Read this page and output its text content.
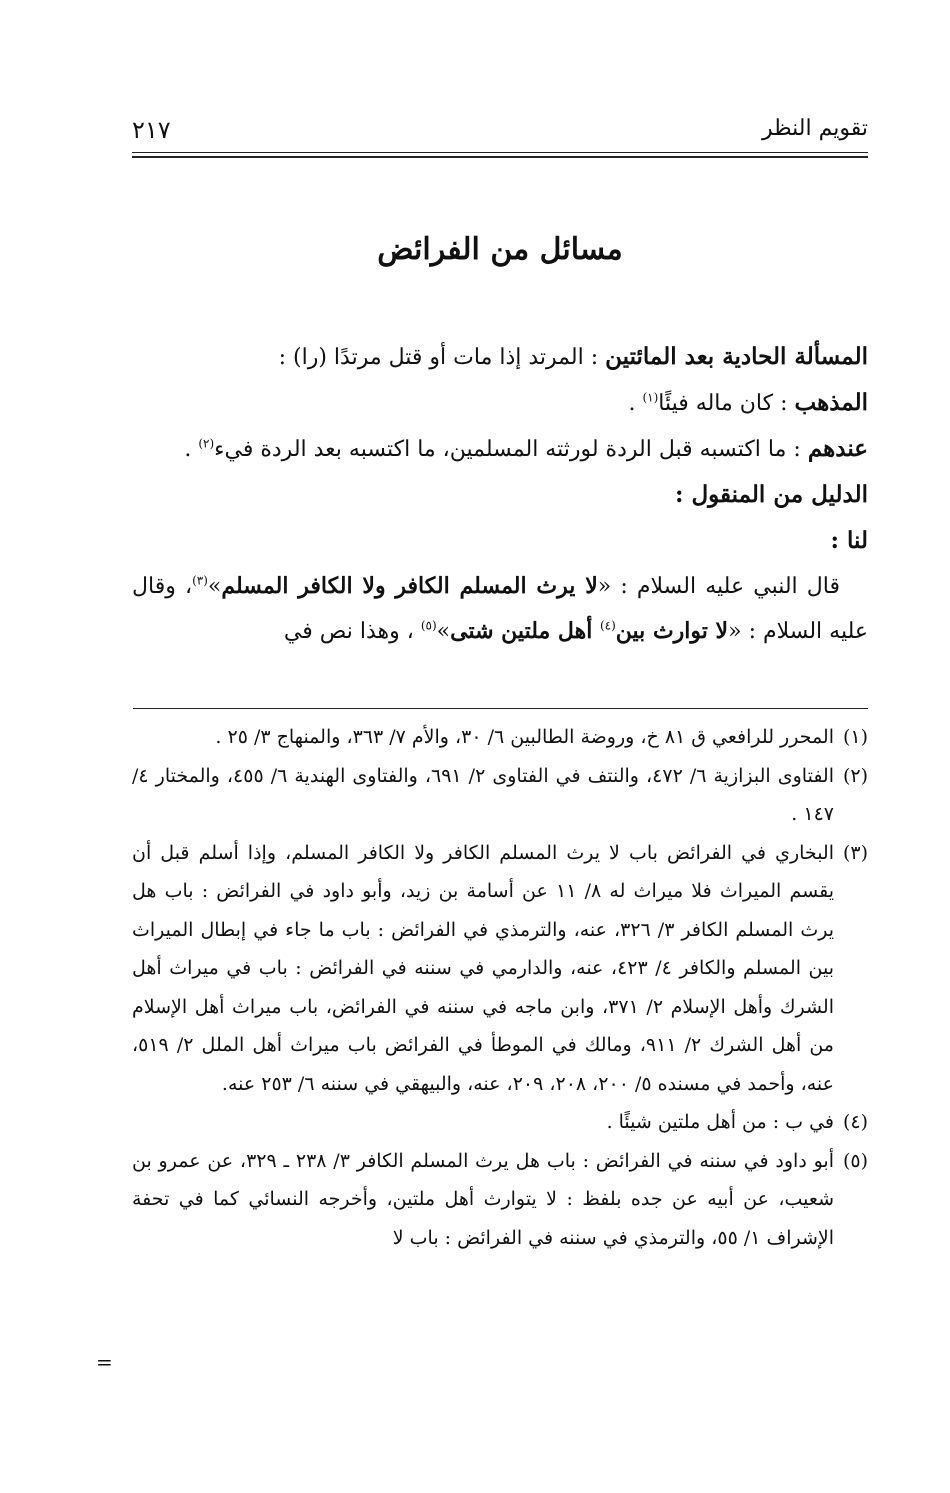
تقويم النظر
٢١٧
مسائل من الفرائض

المسألة الحادية بعد المائتين : المرتد إذا مات أو قتل مرتدًا (را) :

المذهب : كان ماله فيئًا$^{(١)}$ .

عندهم : ما اكتسبه قبل الردة لورثته المسلمين، ما اكتسبه بعد الردة فيء$^{(٢)}$ .

الدليل من المنقول :

لنا :

قال النبي عليه السلام : «لا يرث المسلم الكافر ولا الكافر المسلم»$^{(٣)}$، وقال عليه السلام : «لا توارث بين$^{(٤)}$ أهل ملتين شتى»$^{(٥)}$ ، وهذا نص في

(١)
المحرر للرافعي ق ٨١ خ، وروضة الطالبين ٦/ ٣٠، والأم ٧/ ٣٦٣، والمنهاج ٣/ ٢٥ .
(٢)
الفتاوى البزازية ٦/ ٤٧٢، والنتف في الفتاوى ٢/ ٦٩١، والفتاوى الهندية ٦/ ٤٥٥، والمختار ٤/ ١٤٧ .
(٣)
البخاري في الفرائض باب لا يرث المسلم الكافر ولا الكافر المسلم، وإذا أسلم قبل أن يقسم الميراث فلا ميراث له ٨/ ١١ عن أسامة بن زيد، وأبو داود في الفرائض : باب هل يرث المسلم الكافر ٣/ ٣٢٦، عنه، والترمذي في الفرائض : باب ما جاء في إبطال الميراث بين المسلم والكافر ٤/ ٤٢٣، عنه، والدارمي في سننه في الفرائض : باب في ميراث أهل الشرك وأهل الإسلام ٢/ ٣٧١، وابن ماجه في سننه في الفرائض، باب ميراث أهل الإسلام من أهل الشرك ٢/ ٩١١، ومالك في الموطأ في الفرائض باب ميراث أهل الملل ٢/ ٥١٩، عنه، وأحمد في مسنده ٥/ ٢٠٠، ٢٠٨، ٢٠٩، عنه، والبيهقي في سننه ٦/ ٢٥٣ عنه.
(٤)
في ب : من أهل ملتين شيئًا .
(٥)
أبو داود في سننه في الفرائض : باب هل يرث المسلم الكافر ٣/ ٢٣٨ ـ ٣٢٩، عن عمرو بن شعيب، عن أبيه عن جده بلفظ : لا يتوارث أهل ملتين، وأخرجه النسائي كما في تحفة الإشراف ١/ ٥٥، والترمذي في سننه في الفرائض : باب لا
=
